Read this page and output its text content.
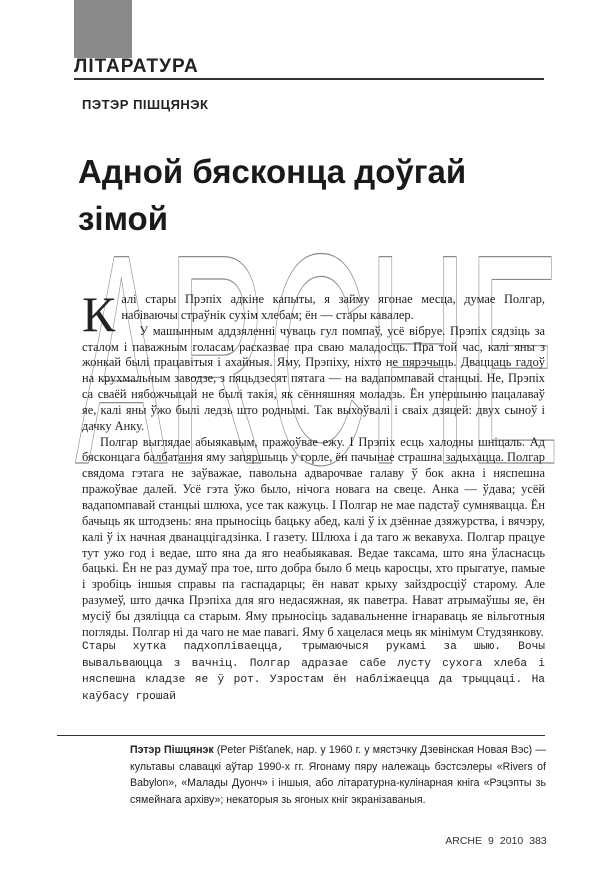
ЛІТАРАТУРА

ПЭТЭР ПІШЦЯНЭК

Адной бясконца доўгай зімой
ARCHE

К алі стары Прэпіх адкіне капыты, я займу ягонае месца, думае Полгар, набіваючы страўнік сухім хлебам; ён — стары кавалер.

У машынным аддзяленні чуваць гул помпаў, усё вібруе. Прэпіх сядзіць за сталом і паважным голасам расказвае пра сваю маладосць. Пра той час, калі яны з жонкай былі працавітыя і ахайныя. Яму, Прэпіху, ніхто не пярэчыць. Дваццаць гадоў на крухмальным заводзе, з пяцьдзесят пятага — на вадапомпавай станцыі. Не, Прэпіх са сваёй нябожчыцай не былі такія, як сённяшняя моладзь. Ён упершыню пацалаваў яе, калі яны ўжо былі ледзь што роднымі. Так выхоўвалі і сваіх дзяцей: двух сыноў і дачку Анку.

Полгар выглядае абыякавым, пражоўвае ежу. І Прэпіх есць халодны шніцаль. Ад бясконцага балбатання яму запяршыць у горле, ён пачынае страшна задыхацца. Полгар свядома гэтага не заўважае, павольна адварочвае галаву ў бок акна і няспешна пражоўвае далей. Усё гэта ўжо было, нічога новага на свеце. Анка — ўдава; усёй вадапомпавай станцыі шлюха, усе так кажуць. І Полгар не мае падстаў сумнявацца. Ён бачыць як штодзень: яна прыносіць бацьку абед, калі ў іх дзённае дзяжурства, і вячэру, калі ў іх начная дванаццігадзінка. І газету. Шлюха і да таго ж векавуха. Полгар працуе тут ужо год і ведае, што яна да яго неабыякавая. Ведае таксама, што яна ўласнасць бацькі. Ён не раз думаў пра тое, што добра было б мець каросцы, хто прыгатуе, памые і зробіць іншыя справы па гаспадарцы; ён нават крыху зайздросціў старому. Але разумеў, што дачка Прэпіха для яго недасяжная, як паветра. Нават атрымаўшы яе, ён мусіў бы дзяліцца са старым. Яму прыносіць задавальненне ігнараваць яе вільготныя погляды. Полгар ні да чаго не мае павагі. Яму б хацелася мець як мінімум Студзянкову.

Стары хутка падхопліваецца, трымаючыся рукамі за шыю. Вочы вывальваюцца з вачніц. Полгар адразае сабе лусту сухога хлеба і няспешна кладзе яе ў рот. Узростам ён набліжаецца да трыццаці. На каўбасу грошай

Пэтэр Пішцянэк (Peter Pišťanek, нар. у 1960 г. у мястэчку Дзевінская Новая Вэс) — культавы славацкі аўтар 1990-х гг. Ягонаму пяру належаць бэстсэлеры «Rivers of Babylon», «Малады Дуонч» і іншыя, або літаратурна-кулінарная кніга «Рэцэпты зь сямейнага архіву»; некаторыя зь ягоных кніг экранізаваныя.

ARCHE 9 2010 383
